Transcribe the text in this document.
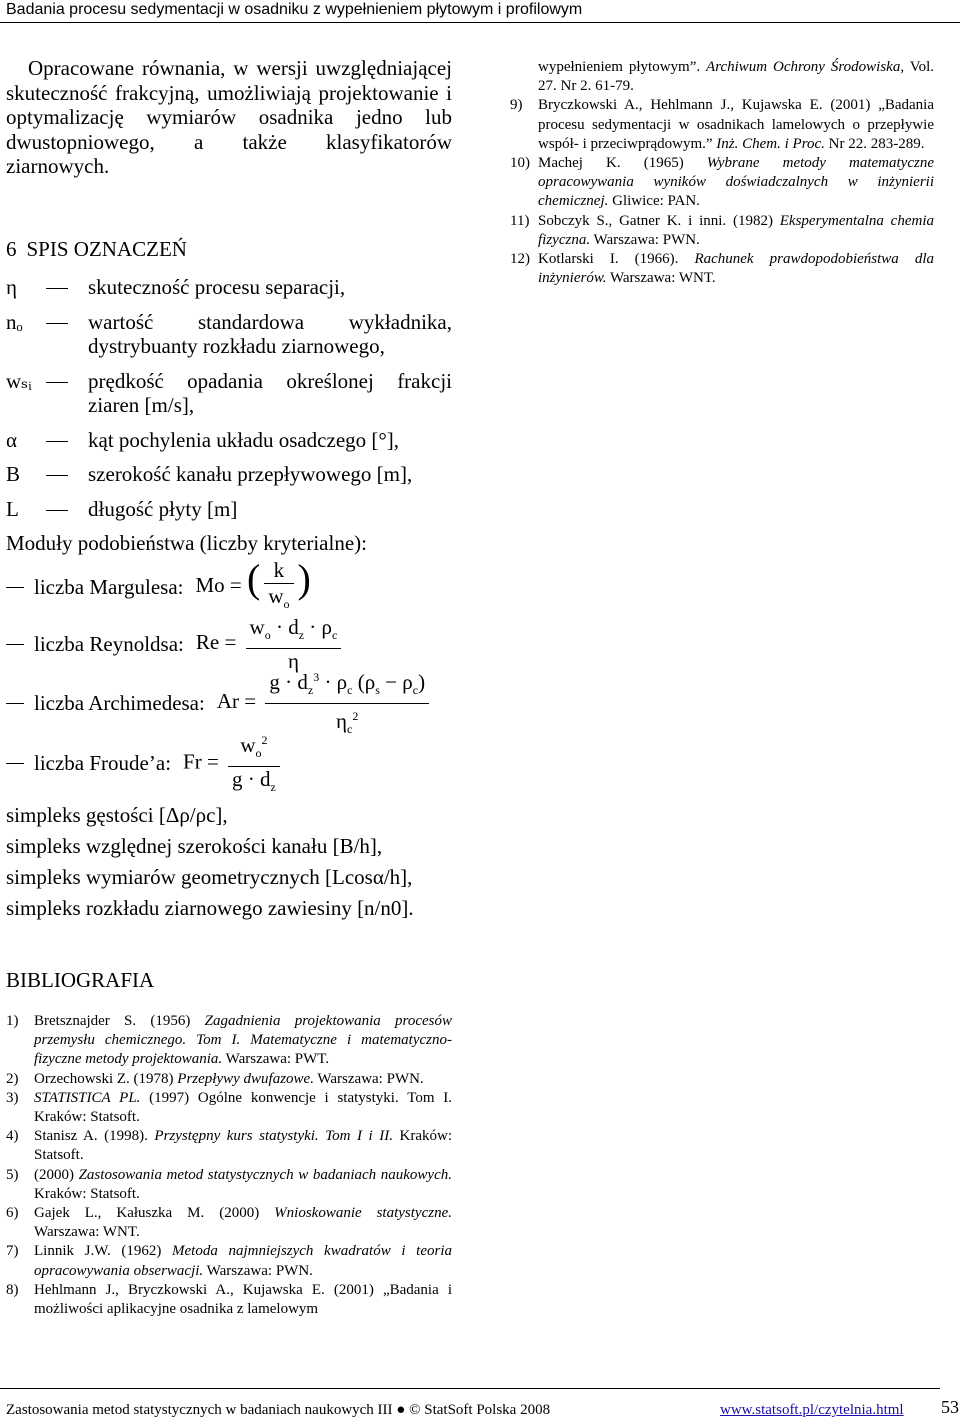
Badania procesu sedymentacji w osadniku z wypełnieniem płytowym i profilowym

Opracowane równania, w wersji uwzględniającej skuteczność frakcyjną, umożliwiają projektowanie i optymalizację wymiarów osadnika jedno lub dwustopniowego, a także klasyfikatorów ziarnowych.

6 SPIS OZNACZEŃ
η	skuteczność procesu separacji,
nₒ	wartość standardowa wykładnika, dystrybuanty rozkładu ziarnowego,
wₛᵢ	prędkość opadania określonej frakcji ziaren [m/s],
α	kąt pochylenia układu osadczego [°],
B	szerokość kanału przepływowego [m],
L	długość płyty [m]
Moduły podobieństwa (liczby kryterialne):
liczba Margulesa: Mo = ( $\frac{k}{w_o}$ )
liczba Reynoldsa: $Re = \frac{w_o \cdot d_z \cdot \rho_c}{\eta}$
liczba Archimedesa: $Ar = \frac{g \cdot d_z^3 \cdot \rho_c (\rho_s - \rho_c)}{\eta_c^2}$
liczba Froude’a: $Fr = \frac{w_o^2}{g \cdot d_z}$

simpleks gęstości [Δρ/ρc],

simpleks względnej szerokości kanału [B/h],

simpleks wymiarów geometrycznych [Lcosα/h],

simpleks rozkładu ziarnowego zawiesiny [n/n0].

BIBLIOGRAFIA
1)	Bretsznajder S. (1956) Zagadnienia projektowania procesów przemysłu chemicznego. Tom I. Matematyczne i matematyczno-fizyczne metody projektowania. Warszawa: PWT.
2)	Orzechowski Z. (1978) Przepływy dwufazowe. Warszawa: PWN.
3)	STATISTICA PL. (1997) Ogólne konwencje i statystyki. Tom I. Kraków: Statsoft.
4)	Stanisz A. (1998). Przystępny kurs statystyki. Tom I i II. Kraków: Statsoft.
5)	(2000) Zastosowania metod statystycznych w badaniach naukowych. Kraków: Statsoft.
6)	Gajek L., Kałuszka M. (2000) Wnioskowanie statystyczne. Warszawa: WNT.
7)	Linnik J.W. (1962) Metoda najmniejszych kwadratów i teoria opracowywania obserwacji. Warszawa: PWN.
8)	Hehlmann J., Bryczkowski A., Kujawska E. (2001) „Badania i możliwości aplikacyjne osadnika z lamelowym
wypełnieniem płytowym”. Archiwum Ochrony Środowiska, Vol. 27. Nr 2. 61-79.
9)	Bryczkowski A., Hehlmann J., Kujawska E. (2001) „Badania procesu sedymentacji w osadnikach lamelowych o przepływie współ- i przeciwprądowym.” Inż. Chem. i Proc. Nr 22. 283-289.
10) Machej K. (1965) Wybrane metody matematyczne opracowywania wyników doświadczalnych w inżynierii chemicznej. Gliwice: PAN.
11) Sobczyk S., Gatner K. i inni. (1982) Eksperymentalna chemia fizyczna. Warszawa: PWN.
12) Kotlarski I. (1966). Rachunek prawdopodobieństwa dla inżynierów. Warszawa: WNT.
Zastosowania metod statystycznych w badaniach naukowych III ● © StatSoft Polska 2008	www.statsoft.pl/czytelnia.html 53
